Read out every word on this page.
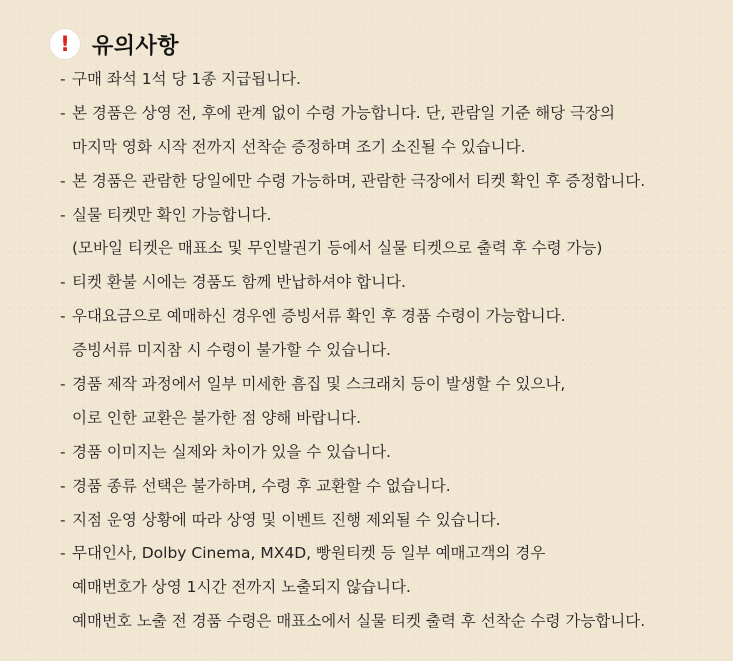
!	유의사항
- 구매 좌석 1석 당 1종 지급됩니다.
- 본 경품은 상영 전, 후에 관계 없이 수령 가능합니다. 단, 관람일 기준 해당 극장의
마지막 영화 시작 전까지 선착순 증정하며 조기 소진될 수 있습니다.
- 본 경품은 관람한 당일에만 수령 가능하며, 관람한 극장에서 티켓 확인 후 증정합니다.
- 실물 티켓만 확인 가능합니다.
(모바일 티켓은 매표소 및 무인발권기 등에서 실물 티켓으로 출력 후 수령 가능)
- 티켓 환불 시에는 경품도 함께 반납하셔야 합니다.
- 우대요금으로 예매하신 경우엔 증빙서류 확인 후 경품 수령이 가능합니다.
증빙서류 미지참 시 수령이 불가할 수 있습니다.
- 경품 제작 과정에서 일부 미세한 흠집 및 스크래치 등이 발생할 수 있으나,
이로 인한 교환은 불가한 점 양해 바랍니다.
- 경품 이미지는 실제와 차이가 있을 수 있습니다.
- 경품 종류 선택은 불가하며, 수령 후 교환할 수 없습니다.
- 지점 운영 상황에 따라 상영 및 이벤트 진행 제외될 수 있습니다.
- 무대인사, Dolby Cinema, MX4D, 빵원티켓 등 일부 예매고객의 경우
예매번호가 상영 1시간 전까지 노출되지 않습니다.
예매번호 노출 전 경품 수령은 매표소에서 실물 티켓 출력 후 선착순 수령 가능합니다.
